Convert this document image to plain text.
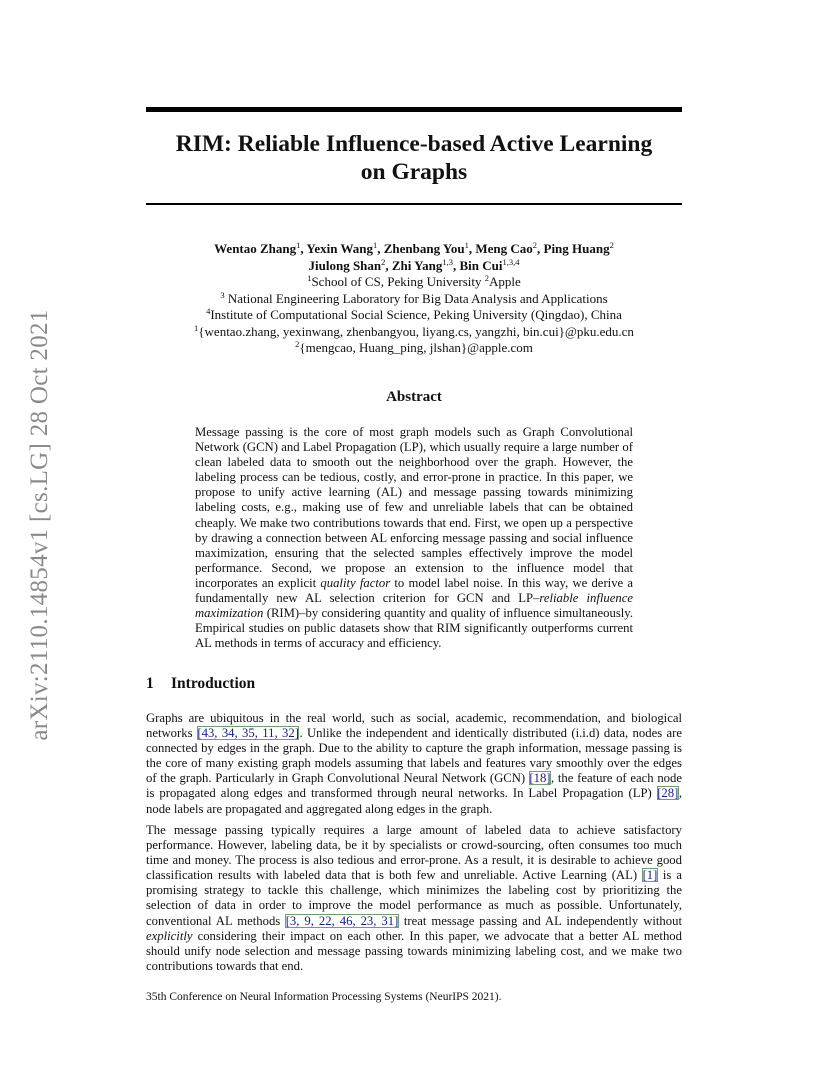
arXiv:2110.14854v1 [cs.LG] 28 Oct 2021
RIM: Reliable Influence-based Active Learning
on Graphs
Wentao Zhang$^1$, Yexin Wang$^1$, Zhenbang You$^1$, Meng Cao$^2$, Ping Huang$^2$
Jiulong Shan$^2$, Zhi Yang$^{1,3}$, Bin Cui$^{1,3,4}$
$^1$School of CS, Peking University $^2$Apple
$^3$ National Engineering Laboratory for Big Data Analysis and Applications
$^4$Institute of Computational Social Science, Peking University (Qingdao), China
$^1${wentao.zhang, yexinwang, zhenbangyou, liyang.cs, yangzhi, bin.cui}@pku.edu.cn
$^2${mengcao, Huang_ping, jlshan}@apple.com
Abstract
Message passing is the core of most graph models such as Graph Convolutional Network (GCN) and Label Propagation (LP), which usually require a large number of clean labeled data to smooth out the neighborhood over the graph. However, the labeling process can be tedious, costly, and error-prone in practice. In this paper, we propose to unify active learning (AL) and message passing towards minimizing labeling costs, e.g., making use of few and unreliable labels that can be obtained cheaply. We make two contributions towards that end. First, we open up a perspective by drawing a connection between AL enforcing message passing and social influence maximization, ensuring that the selected samples effectively improve the model performance. Second, we propose an extension to the influence model that incorporates an explicit quality factor to model label noise. In this way, we derive a fundamentally new AL selection criterion for GCN and LP–reliable influence maximization (RIM)–by considering quantity and quality of influence simultaneously. Empirical studies on public datasets show that RIM significantly outperforms current AL methods in terms of accuracy and efficiency.
1 Introduction
Graphs are ubiquitous in the real world, such as social, academic, recommendation, and biological networks [43, 34, 35, 11, 32]. Unlike the independent and identically distributed (i.i.d) data, nodes are connected by edges in the graph. Due to the ability to capture the graph information, message passing is the core of many existing graph models assuming that labels and features vary smoothly over the edges of the graph. Particularly in Graph Convolutional Neural Network (GCN) [18], the feature of each node is propagated along edges and transformed through neural networks. In Label Propagation (LP) [28], node labels are propagated and aggregated along edges in the graph.
The message passing typically requires a large amount of labeled data to achieve satisfactory performance. However, labeling data, be it by specialists or crowd-sourcing, often consumes too much time and money. The process is also tedious and error-prone. As a result, it is desirable to achieve good classification results with labeled data that is both few and unreliable. Active Learning (AL) [1] is a promising strategy to tackle this challenge, which minimizes the labeling cost by prioritizing the selection of data in order to improve the model performance as much as possible. Unfortunately, conventional AL methods [3, 9, 22, 46, 23, 31] treat message passing and AL independently without explicitly considering their impact on each other. In this paper, we advocate that a better AL method should unify node selection and message passing towards minimizing labeling cost, and we make two contributions towards that end.
35th Conference on Neural Information Processing Systems (NeurIPS 2021).
